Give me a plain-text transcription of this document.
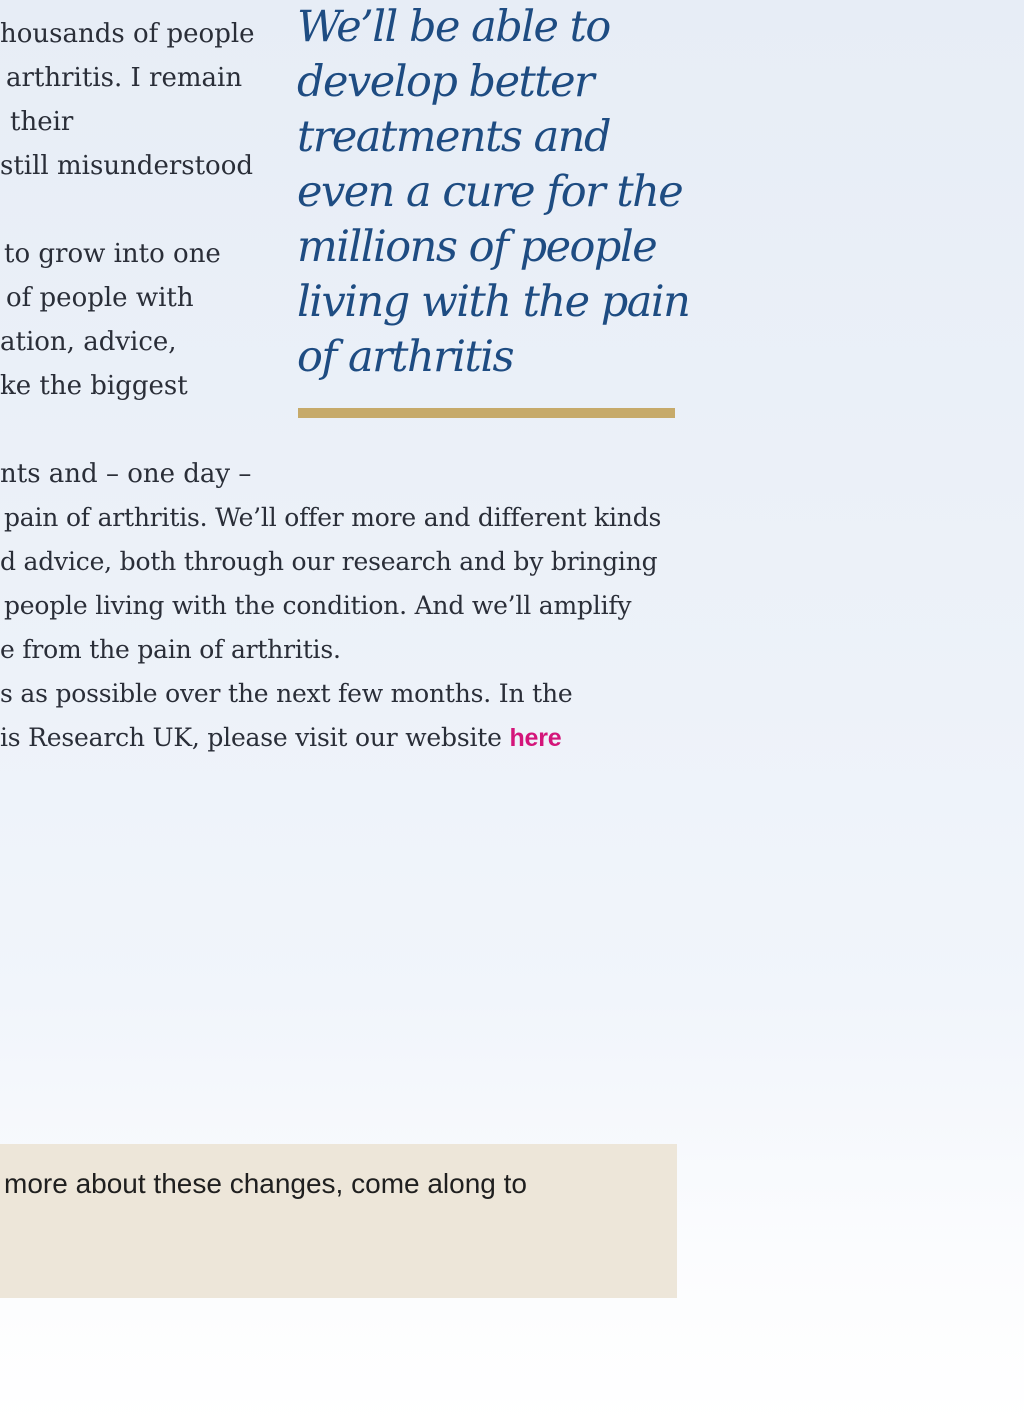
housands of people

arthritis. I remain

their

still misunderstood

to grow into one

of people with

ation, advice,

ke the biggest

nts and – one day –

We’ll be able to
develop better
treatments and
even a cure for the
millions of people
living with the pain
of arthritis

pain of arthritis. We’ll offer more and different kinds

d advice, both through our research and by bringing

people living with the condition. And we’ll amplify

e from the pain of arthritis.

s as possible over the next few months. In the

is Research UK, please visit our website here

more about these changes, come along to
